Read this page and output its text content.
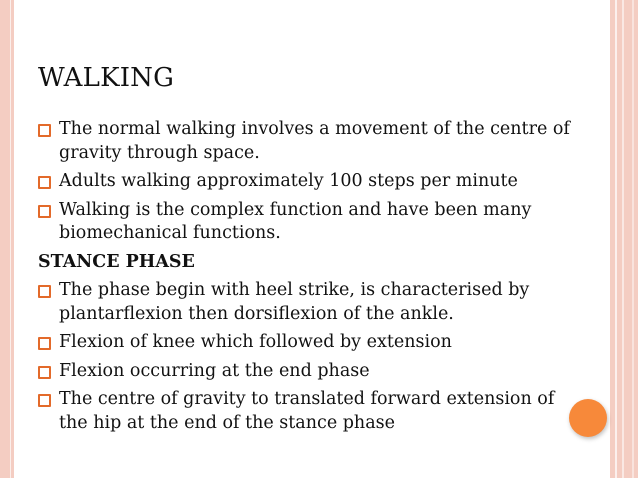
WALKING
The normal walking involves a movement of the centre of gravity through space.
Adults walking approximately 100 steps per minute
Walking is the complex function and have been many biomechanical functions.
STANCE PHASE
The phase begin with heel strike, is characterised by plantarflexion then dorsiflexion of the ankle.
Flexion of knee which followed by extension
Flexion occurring at the end phase
The centre of gravity to translated forward extension of the hip at the end of the stance phase
